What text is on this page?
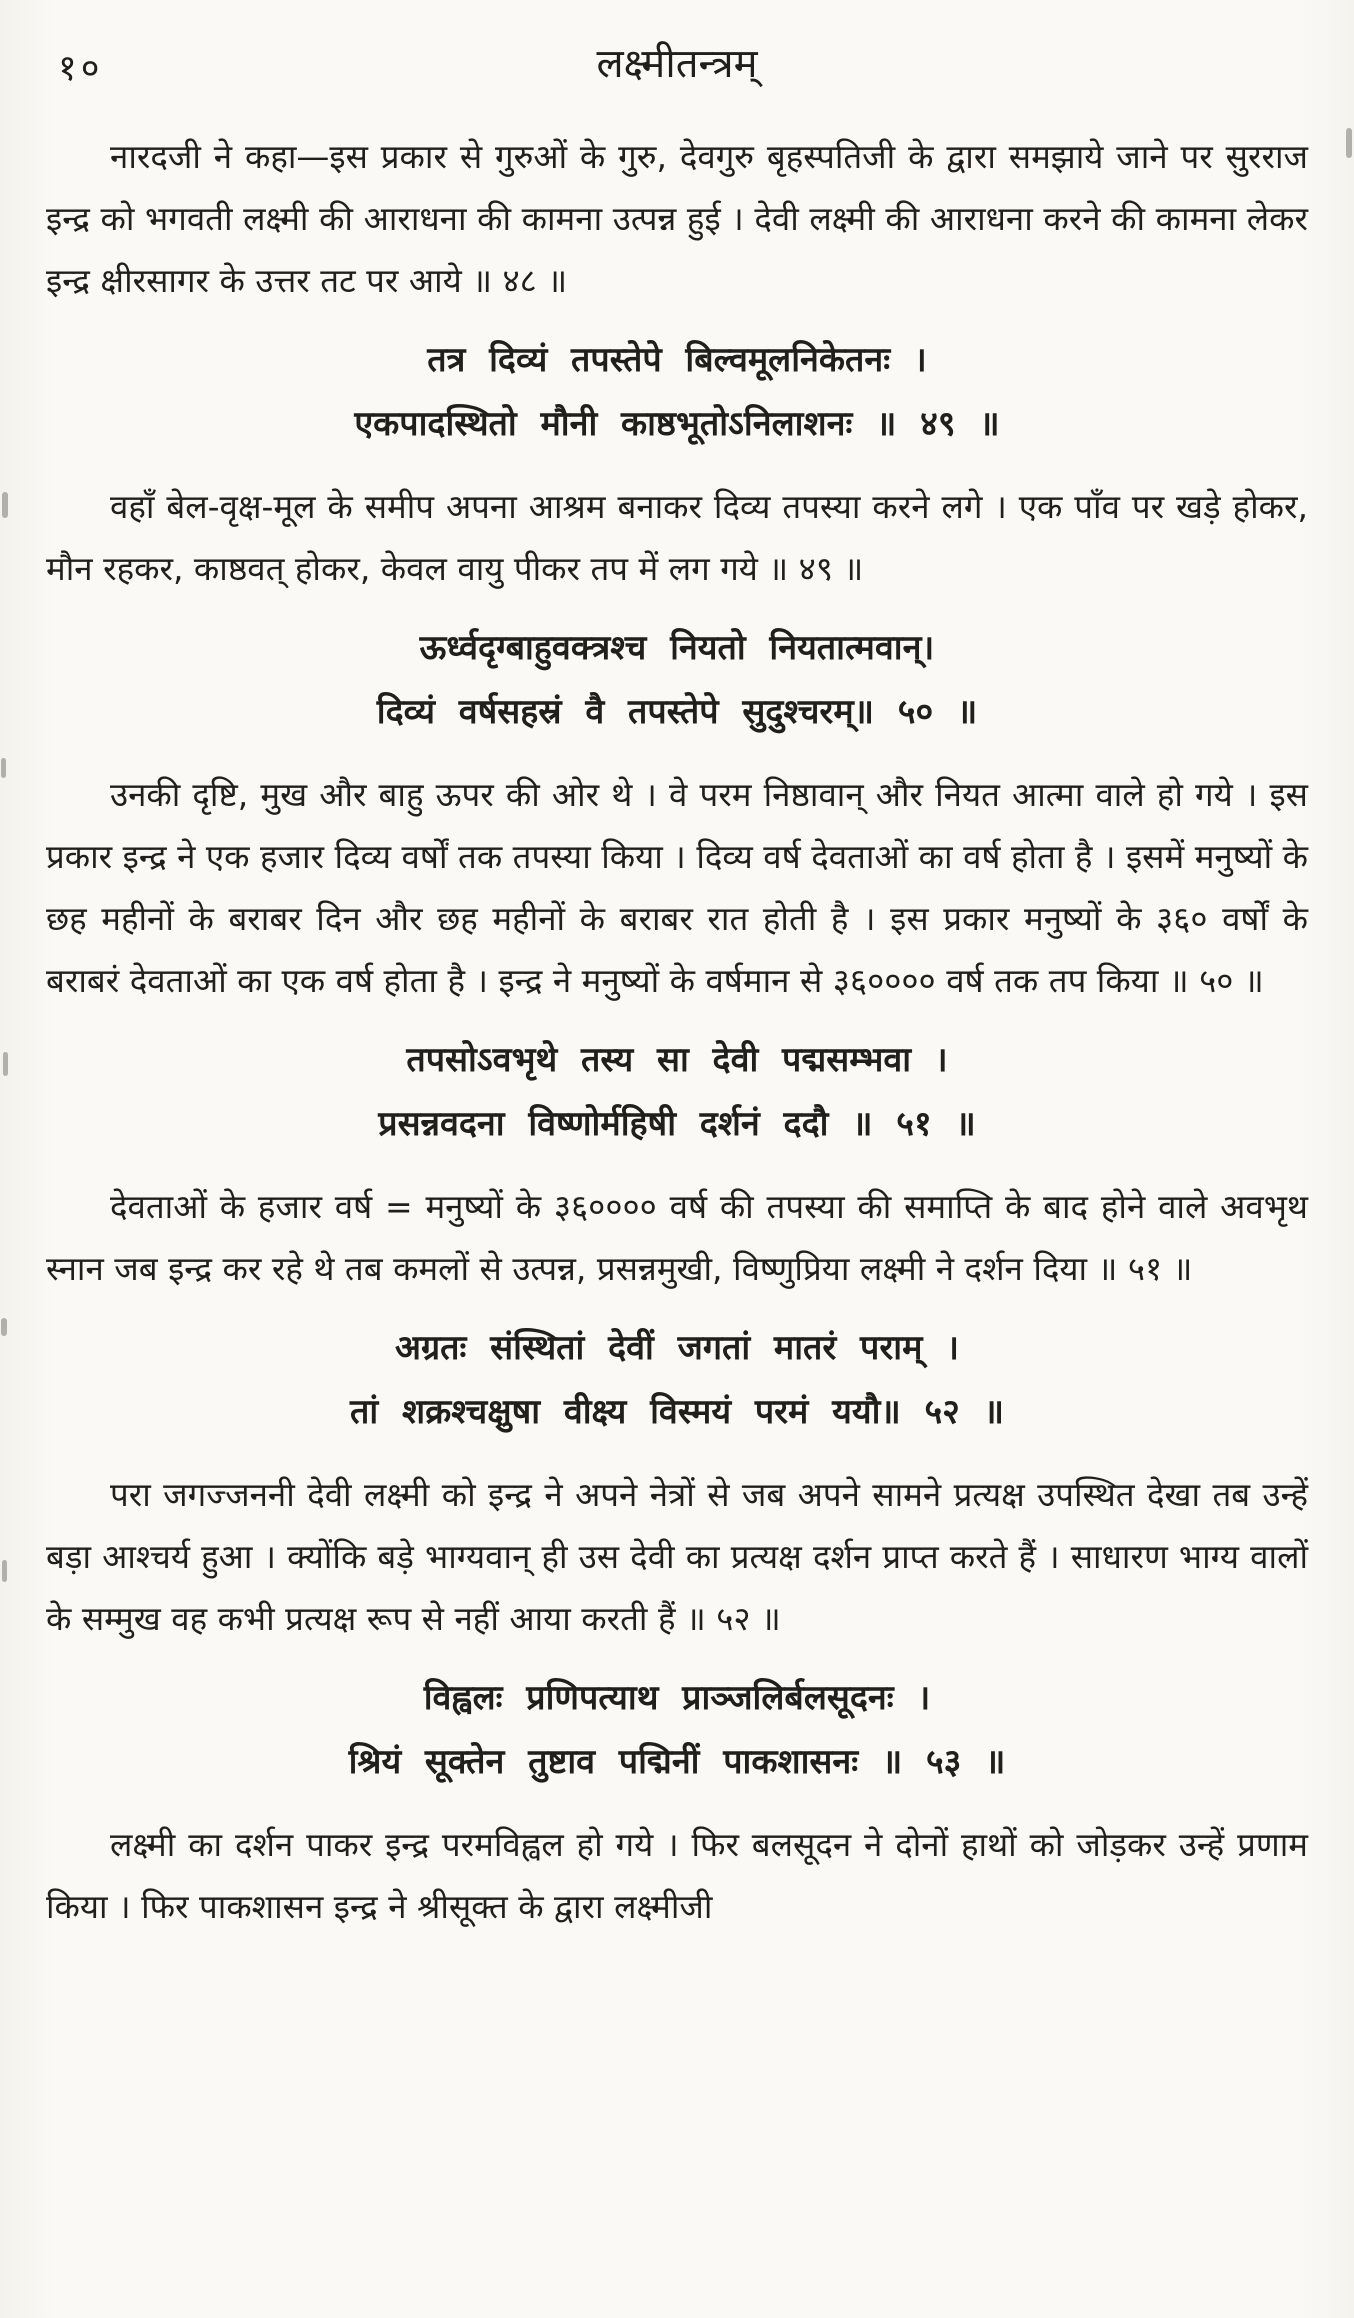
१०	लक्ष्मीतन्त्रम्

नारदजी ने कहा—इस प्रकार से गुरुओं के गुरु, देवगुरु बृहस्पतिजी के द्वारा समझाये जाने पर सुरराज इन्द्र को भगवती लक्ष्मी की आराधना की कामना उत्पन्न हुई । देवी लक्ष्मी की आराधना करने की कामना लेकर इन्द्र क्षीरसागर के उत्तर तट पर आये ॥ ४८ ॥

तत्र दिव्यं तपस्तेपे बिल्वमूलनिकेतनः ।
एकपादस्थितो मौनी काष्ठभूतोऽनिलाशनः ॥ ४९ ॥

वहाँ बेल-वृक्ष-मूल के समीप अपना आश्रम बनाकर दिव्य तपस्या करने लगे । एक पाँव पर खड़े होकर, मौन रहकर, काष्ठवत् होकर, केवल वायु पीकर तप में लग गये ॥ ४९ ॥

ऊर्ध्वदृग्बाहुवक्त्रश्च नियतो नियतात्मवान्।
दिव्यं वर्षसहस्रं वै तपस्तेपे सुदुश्चरम्॥ ५० ॥

उनकी दृष्टि, मुख और बाहु ऊपर की ओर थे । वे परम निष्ठावान् और नियत आत्मा वाले हो गये । इस प्रकार इन्द्र ने एक हजार दिव्य वर्षों तक तपस्या किया । दिव्य वर्ष देवताओं का वर्ष होता है । इसमें मनुष्यों के छह महीनों के बराबर दिन और छह महीनों के बराबर रात होती है । इस प्रकार मनुष्यों के ३६० वर्षों के बराबरं देवताओं का एक वर्ष होता है । इन्द्र ने मनुष्यों के वर्षमान से ३६०००० वर्ष तक तप किया ॥ ५० ॥

तपसोऽवभृथे तस्य सा देवी पद्मसम्भवा ।
प्रसन्नवदना विष्णोर्महिषी दर्शनं ददौ ॥ ५१ ॥

देवताओं के हजार वर्ष = मनुष्यों के ३६०००० वर्ष की तपस्या की समाप्ति के बाद होने वाले अवभृथ स्नान जब इन्द्र कर रहे थे तब कमलों से उत्पन्न, प्रसन्नमुखी, विष्णुप्रिया लक्ष्मी ने दर्शन दिया ॥ ५१ ॥

अग्रतः संस्थितां देवीं जगतां मातरं पराम् ।
तां शक्रश्चक्षुषा वीक्ष्य विस्मयं परमं ययौ॥ ५२ ॥

परा जगज्जननी देवी लक्ष्मी को इन्द्र ने अपने नेत्रों से जब अपने सामने प्रत्यक्ष उपस्थित देखा तब उन्हें बड़ा आश्चर्य हुआ । क्योंकि बड़े भाग्यवान् ही उस देवी का प्रत्यक्ष दर्शन प्राप्त करते हैं । साधारण भाग्य वालों के सम्मुख वह कभी प्रत्यक्ष रूप से नहीं आया करती हैं ॥ ५२ ॥

विह्वलः प्रणिपत्याथ प्राञ्जलिर्बलसूदनः ।
श्रियं सूक्तेन तुष्टाव पद्मिनीं पाकशासनः ॥ ५३ ॥

लक्ष्मी का दर्शन पाकर इन्द्र परमविह्वल हो गये । फिर बलसूदन ने दोनों हाथों को जोड़कर उन्हें प्रणाम किया । फिर पाकशासन इन्द्र ने श्रीसूक्त के द्वारा लक्ष्मीजी
